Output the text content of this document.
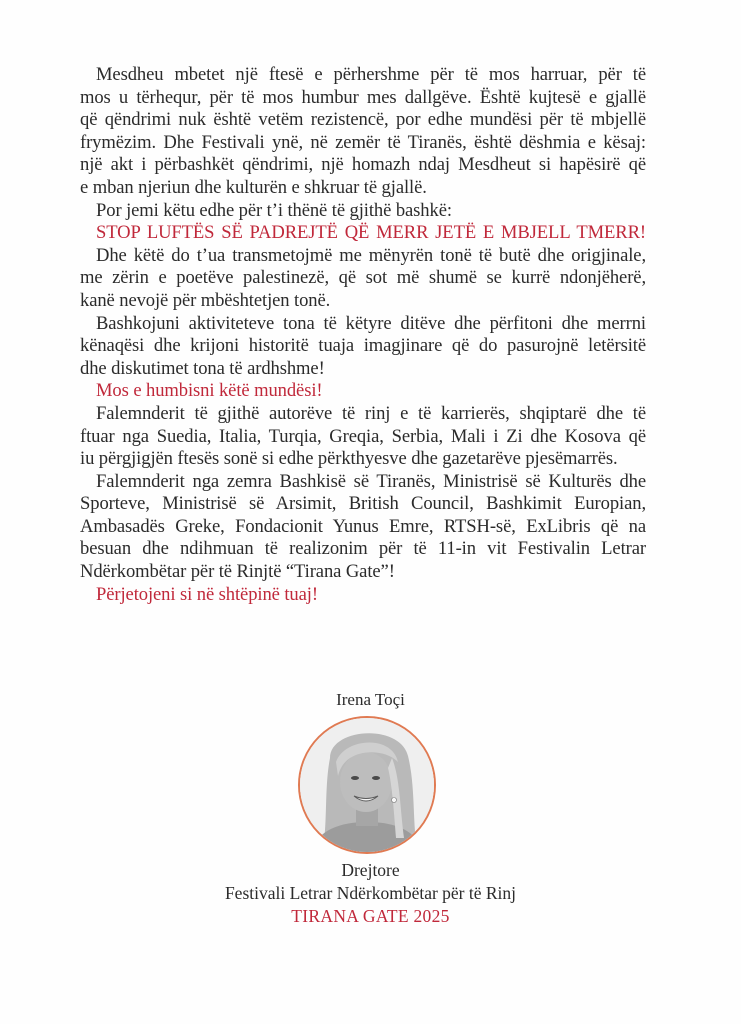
Mesdheu mbetet një ftesë e përhershme për të mos harruar, për të
mos u tërhequr, për të mos humbur mes dallgëve. Është kujtesë e gjallë
që qëndrimi nuk është vetëm rezistencë, por edhe mundësi për të mbjellë
frymëzim. Dhe Festivali ynë, në zemër të Tiranës, është dëshmia e kësaj:
një akt i përbashkët qëndrimi, një homazh ndaj Mesdheut si hapësirë që
e mban njeriun dhe kulturën e shkruar të gjallë.
Por jemi këtu edhe për t’i thënë të gjithë bashkë:
STOP LUFTËS SË PADREJTË QË MERR JETË E MBJELL TMERR!
Dhe këtë do t’ua transmetojmë me mënyrën tonë të butë dhe origjinale,
me zërin e poetëve palestinezë, që sot më shumë se kurrë ndonjëherë,
kanë nevojë për mbështetjen tonë.
Bashkojuni aktiviteteve tona të këtyre ditëve dhe përfitoni dhe merrni
kënaqësi dhe krijoni historitë tuaja imagjinare që do pasurojnë letërsitë
dhe diskutimet tona të ardhshme!
Mos e humbisni këtë mundësi!
Falemnderit të gjithë autorëve të rinj e të karrierës, shqiptarë dhe të
ftuar nga Suedia, Italia, Turqia, Greqia, Serbia, Mali i Zi dhe Kosova që
iu përgjigjën ftesës sonë si edhe përkthyesve dhe gazetarëve pjesëmarrës.
Falemnderit nga zemra Bashkisë së Tiranës, Ministrisë së Kulturës dhe
Sporteve, Ministrisë së Arsimit, British Council, Bashkimit Europian,
Ambasadës Greke, Fondacionit Yunus Emre, RTSH-së, ExLibris që na
besuan dhe ndihmuan të realizonim për të 11-in vit Festivalin Letrar
Ndërkombëtar për të Rinjtë “Tirana Gate”!
Përjetojeni si në shtëpinë tuaj!
Irena Toçi
Drejtore
Festivali Letrar Ndërkombëtar për të Rinj
TIRANA GATE 2025
